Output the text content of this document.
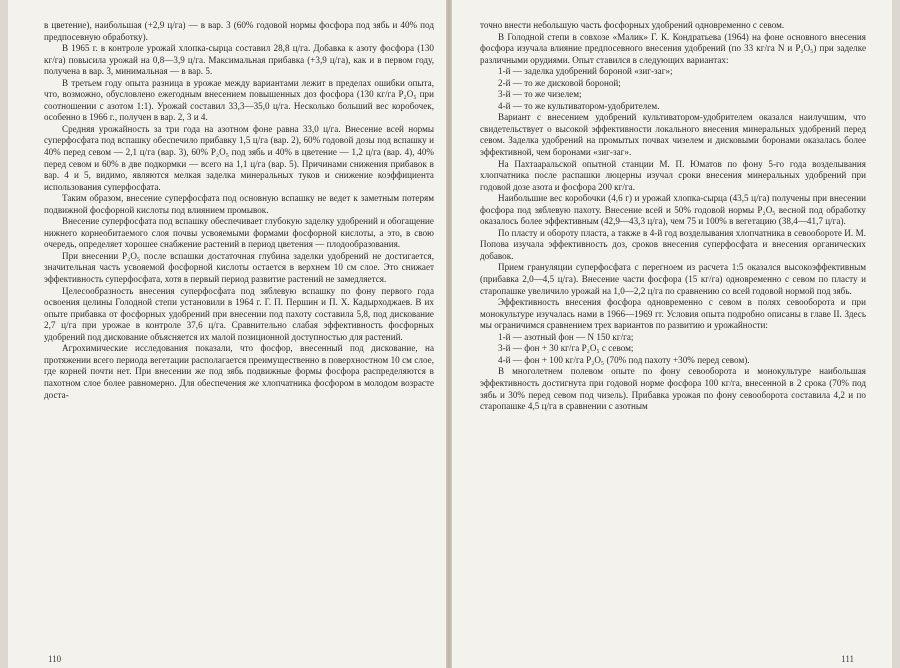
в цветение), наибольшая (+2,9 ц/га) — в вар. 3 (60% годовой нормы фосфора под зябь и 40% под предпосевную обработку).

В 1965 г. в контроле урожай хлопка-сырца составил 28,8 ц/га. Добавка к азоту фосфора (130 кг/га) повысила урожай на 0,8—3,9 ц/га. Максимальная прибавка (+3,9 ц/га), как и в первом году, получена в вар. 3, минимальная — в вар. 5.

В третьем году опыта разница в урожае между вариантами лежит в пределах ошибки опыта, что, возможно, обусловлено ежегодным внесением повышенных доз фосфора (130 кг/га P₂O₅ при соотношении с азотом 1:1). Урожай составил 33,3—35,0 ц/га. Несколько больший вес коробочек, особенно в 1966 г., получен в вар. 2, 3 и 4.

Средняя урожайность за три года на азотном фоне равна 33,0 ц/га. Внесение всей нормы суперфосфата под вспашку обеспечило прибавку 1,5 ц/га (вар. 2), 60% годовой дозы под вспашку и 40% перед севом — 2,1 ц/га (вар. 3), 60% P₂O₅ под зябь и 40% в цветение — 1,2 ц/га (вар. 4), 40% перед севом и 60% в две подкормки — всего на 1,1 ц/га (вар. 5). Причинами снижения прибавок в вар. 4 и 5, видимо, являются мелкая заделка минеральных туков и снижение коэффициента использования суперфосфата.

Таким образом, внесение суперфосфата под основную вспашку не ведет к заметным потерям подвижной фосфорной кислоты под влиянием промывок.

Внесение суперфосфата под вспашку обеспечивает глубокую заделку удобрений и обогащение нижнего корнеобитаемого слоя почвы усвояемыми формами фосфорной кислоты, а это, в свою очередь, определяет хорошее снабжение растений в период цветения — плодообразования.

При внесении P₂O₅ после вспашки достаточная глубина заделки удобрений не достигается, значительная часть усвояемой фосфорной кислоты остается в верхнем 10 см слое. Это снижает эффективность суперфосфата, хотя в первый период развитие растений не замедляется.

Целесообразность внесения суперфосфата под зяблевую вспашку по фону первого года освоения целины Голодной степи установили в 1964 г. Г. П. Першин и П. Х. Кадырходжаев. В их опыте прибавка от фосфорных удобрений при внесении под пахоту составила 5,8, под дискование 2,7 ц/га при урожае в контроле 37,6 ц/га. Сравнительно слабая эффективность фосфорных удобрений под дискование объясняется их малой позиционной доступностью для растений.

Агрохимические исследования показали, что фосфор, внесенный под дискование, на протяжении всего периода вегетации располагается преимущественно в поверхностном 10 см слое, где корней почти нет. При внесении же под зябь подвижные формы фосфора распределяются в пахотном слое более равномерно. Для обеспечения же хлопчатника фосфором в молодом возрасте доста-

110

точно внести небольшую часть фосфорных удобрений одновременно с севом.

В Голодной степи в совхозе «Малик» Г. К. Кондратьева (1964) на фоне основного внесения фосфора изучала влияние предпосевного внесения удобрений (по 33 кг/га N и P₂O₅) при заделке различными орудиями. Опыт ставился в следующих вариантах:

1-й — заделка удобрений бороной «зиг-заг»;

2-й — то же дисковой бороной;

3-й — то же чизелем;

4-й — то же культиватором-удобрителем.

Вариант с внесением удобрений культиватором-удобрителем оказался наилучшим, что свидетельствует о высокой эффективности локального внесения минеральных удобрений перед севом. Заделка удобрений на промытых почвах чизелем и дисковыми боронами оказалась более эффективной, чем боронами «зиг-заг».

На Пахтааральской опытной станции М. П. Юматов по фону 5-го года возделывания хлопчатника после распашки люцерны изучал сроки внесения минеральных удобрений при годовой дозе азота и фосфора 200 кг/га.

Наибольшие вес коробочки (4,6 г) и урожай хлопка-сырца (43,5 ц/га) получены при внесении фосфора под зяблевую пахоту. Внесение всей и 50% годовой нормы P₂O₅ весной под обработку оказалось более эффективным (42,9—43,3 ц/га), чем 75 и 100% в вегетацию (38,4—41,7 ц/га).

По пласту и обороту пласта, а также в 4-й год возделывания хлопчатника в севообороте И. М. Попова изучала эффективность доз, сроков внесения суперфосфата и внесения органических добавок.

Прием грануляции суперфосфата с перегноем из расчета 1:5 оказался высокоэффективным (прибавка 2,0—4,5 ц/га). Внесение части фосфора (15 кг/га) одновременно с севом по пласту и старопашке увеличило урожай на 1,0—2,2 ц/га по сравнению со всей годовой нормой под зябь.

Эффективность внесения фосфора одновременно с севом в полях севооборота и при монокультуре изучалась нами в 1966—1969 гг. Условия опыта подробно описаны в главе II. Здесь мы ограничимся сравнением трех вариантов по развитию и урожайности:

1-й — азотный фон — N 150 кг/га;

3-й — фон + 30 кг/га P₂O₅ с севом;

4-й — фон + 100 кг/га P₂O₅ (70% под пахоту +30% перед севом).

В многолетнем полевом опыте по фону севооборота и монокультуре наибольшая эффективность достигнута при годовой норме фосфора 100 кг/га, внесенной в 2 срока (70% под зябь и 30% перед севом под чизель). Прибавка урожая по фону севооборота составила 4,2 и по старопашке 4,5 ц/га в сравнении с азотным

111
